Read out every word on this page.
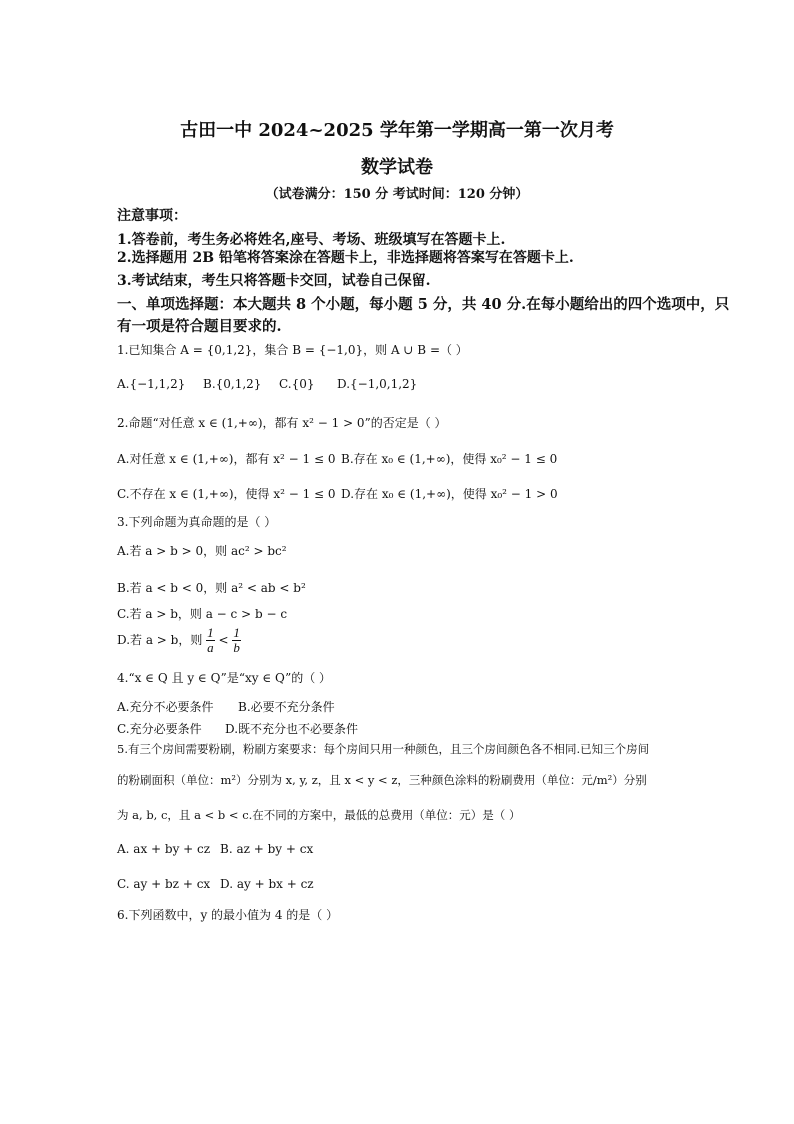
古田一中 2024~2025 学年第一学期高一第一次月考
数学试卷
（试卷满分：150 分 考试时间：120 分钟）
注意事项：
1.答卷前，考生务必将姓名,座号、考场、班级填写在答题卡上.
2.选择题用 2B 铅笔将答案涂在答题卡上，非选择题将答案写在答题卡上.
3.考试结束，考生只将答题卡交回，试卷自己保留.
一、单项选择题：本大题共 8 个小题，每小题 5 分，共 40 分.在每小题给出的四个选项中，只
有一项是符合题目要求的.
1.已知集合 A = {0,1,2}，集合 B = {−1,0}，则 A ∪ B =（ ）
A.{−1,1,2} B.{0,1,2} C.{0} D.{−1,0,1,2}
2.命题“对任意 x ∈ (1,+∞)，都有 x² − 1 > 0”的否定是（ ）
A.对任意 x ∈ (1,+∞)，都有 x² − 1 ≤ 0 B.存在 x₀ ∈ (1,+∞)，使得 x₀² − 1 ≤ 0
C.不存在 x ∈ (1,+∞)，使得 x² − 1 ≤ 0 D.存在 x₀ ∈ (1,+∞)，使得 x₀² − 1 > 0
3.下列命题为真命题的是（ ）
A.若 a > b > 0，则 ac² > bc²
B.若 a < b < 0，则 a² < ab < b²
C.若 a > b，则 a − c > b − c
D.若 a > b，则 $\frac{1}{a} < \frac{1}{b}$
4.“x ∈ Q 且 y ∈ Q”是“xy ∈ Q”的（ ）
A.充分不必要条件 B.必要不充分条件
C.充分必要条件 D.既不充分也不必要条件
5.有三个房间需要粉刷，粉刷方案要求：每个房间只用一种颜色，且三个房间颜色各不相同.已知三个房间
的粉刷面积（单位：m²）分别为 x, y, z，且 x < y < z，三种颜色涂料的粉刷费用（单位：元/m²）分别
为 a, b, c，且 a < b < c.在不同的方案中，最低的总费用（单位：元）是（ ）
A. ax + by + cz B. az + by + cx
C. ay + bz + cx D. ay + bx + cz
6.下列函数中，y 的最小值为 4 的是（ ）
